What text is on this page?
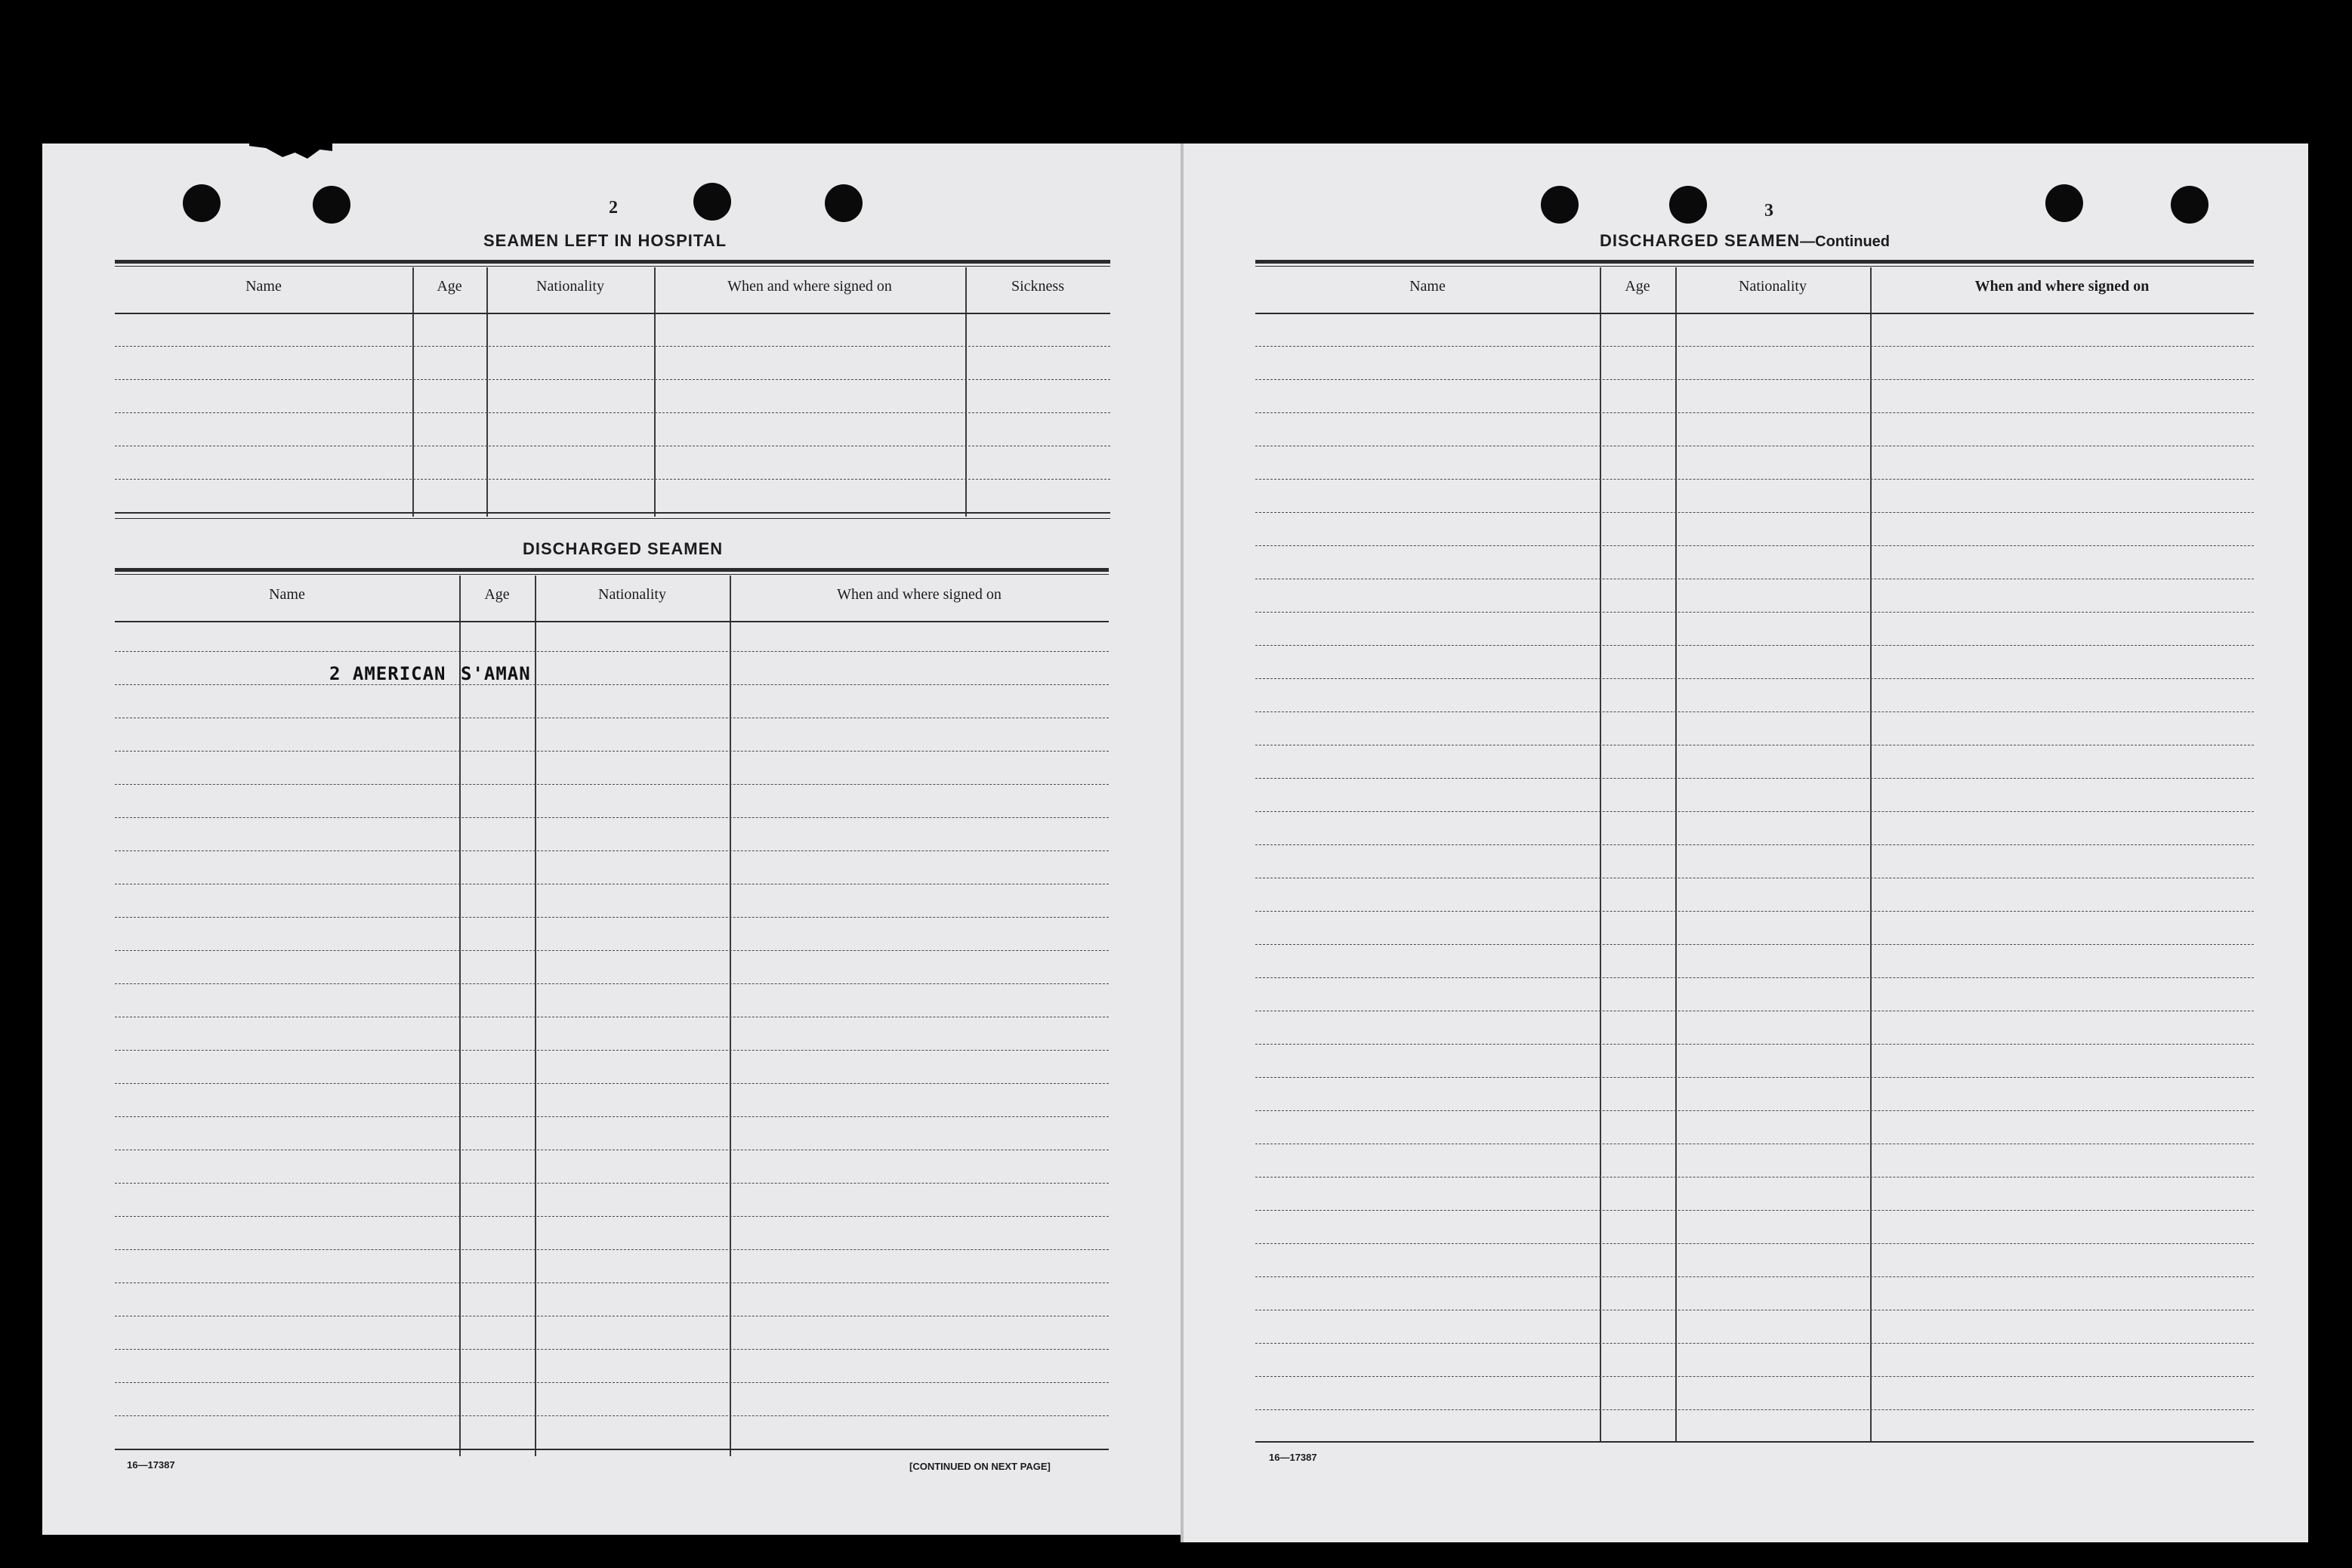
2
SEAMEN LEFT IN HOSPITAL
Name	Age	Nationality	When and where signed on	Sickness
DISCHARGED SEAMEN
Name	Age	Nationality	When and where signed on
2 AMERICAN S'AMAN
16—17387	[CONTINUED ON NEXT PAGE]
3
DISCHARGED SEAMEN—Continued
Name	Age	Nationality	When and where signed on
16—17387
